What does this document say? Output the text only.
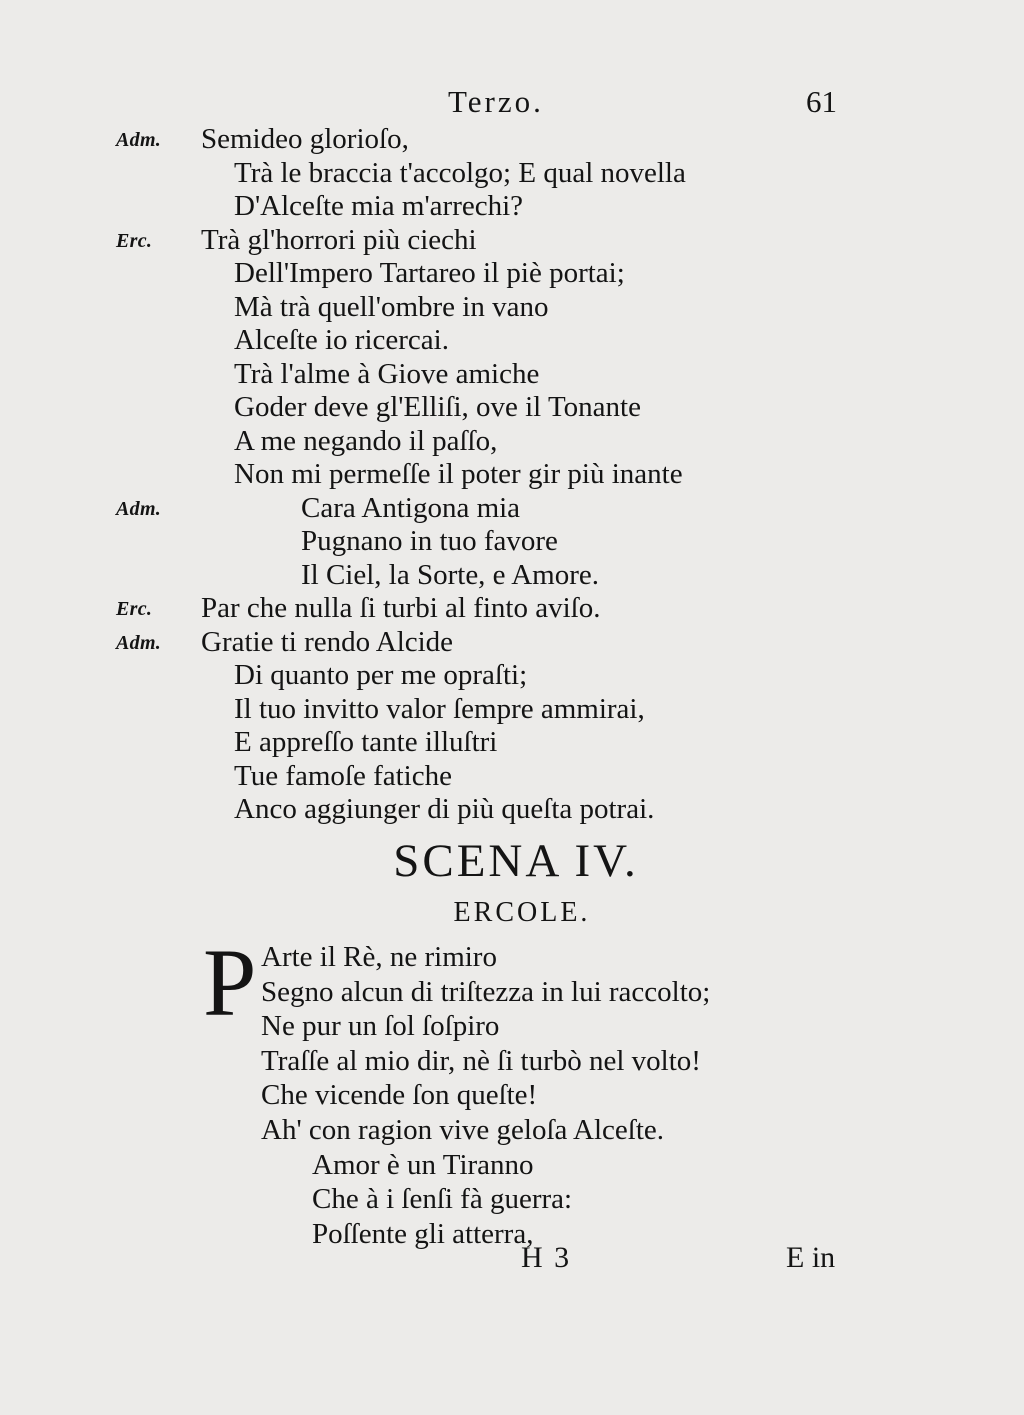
Terzo.	61
Adm. Semideo glorioſo,
Trà le braccia t'accolgo; E qual novella
D'Alceſte mia m'arrechi?
Erc. Trà gl'horrori più ciechi
Dell'Impero Tartareo il piè portai;
Mà trà quell'ombre in vano
Alceſte io ricercai.
Trà l'alme à Giove amiche
Goder deve gl'Elliſi, ove il Tonante
A me negando il paſſo,
Non mi permeſſe il poter gir più inante
Adm.	Cara Antigona mia
Pugnano in tuo favore
Il Ciel, la Sorte, e Amore.
Erc. Par che nulla ſi turbi al finto aviſo.
Adm. Gratie ti rendo Alcide
Di quanto per me opraſti;
Il tuo invitto valor ſempre ammirai,
E appreſſo tante illuſtri
Tue famoſe fatiche
Anco aggiunger di più queſta potrai.
SCENA IV.
ERCOLE.
P Arte il Rè, ne rimiro
Segno alcun di triſtezza in lui raccolto;
Ne pur un ſol ſoſpiro
Traſſe al mio dir, nè ſi turbò nel volto!
Che vicende ſon queſte!
Ah' con ragion vive geloſa Alceſte.
Amor è un Tiranno
Che à i ſenſi fà guerra:
Poſſente gli atterra,
H 3	E in
